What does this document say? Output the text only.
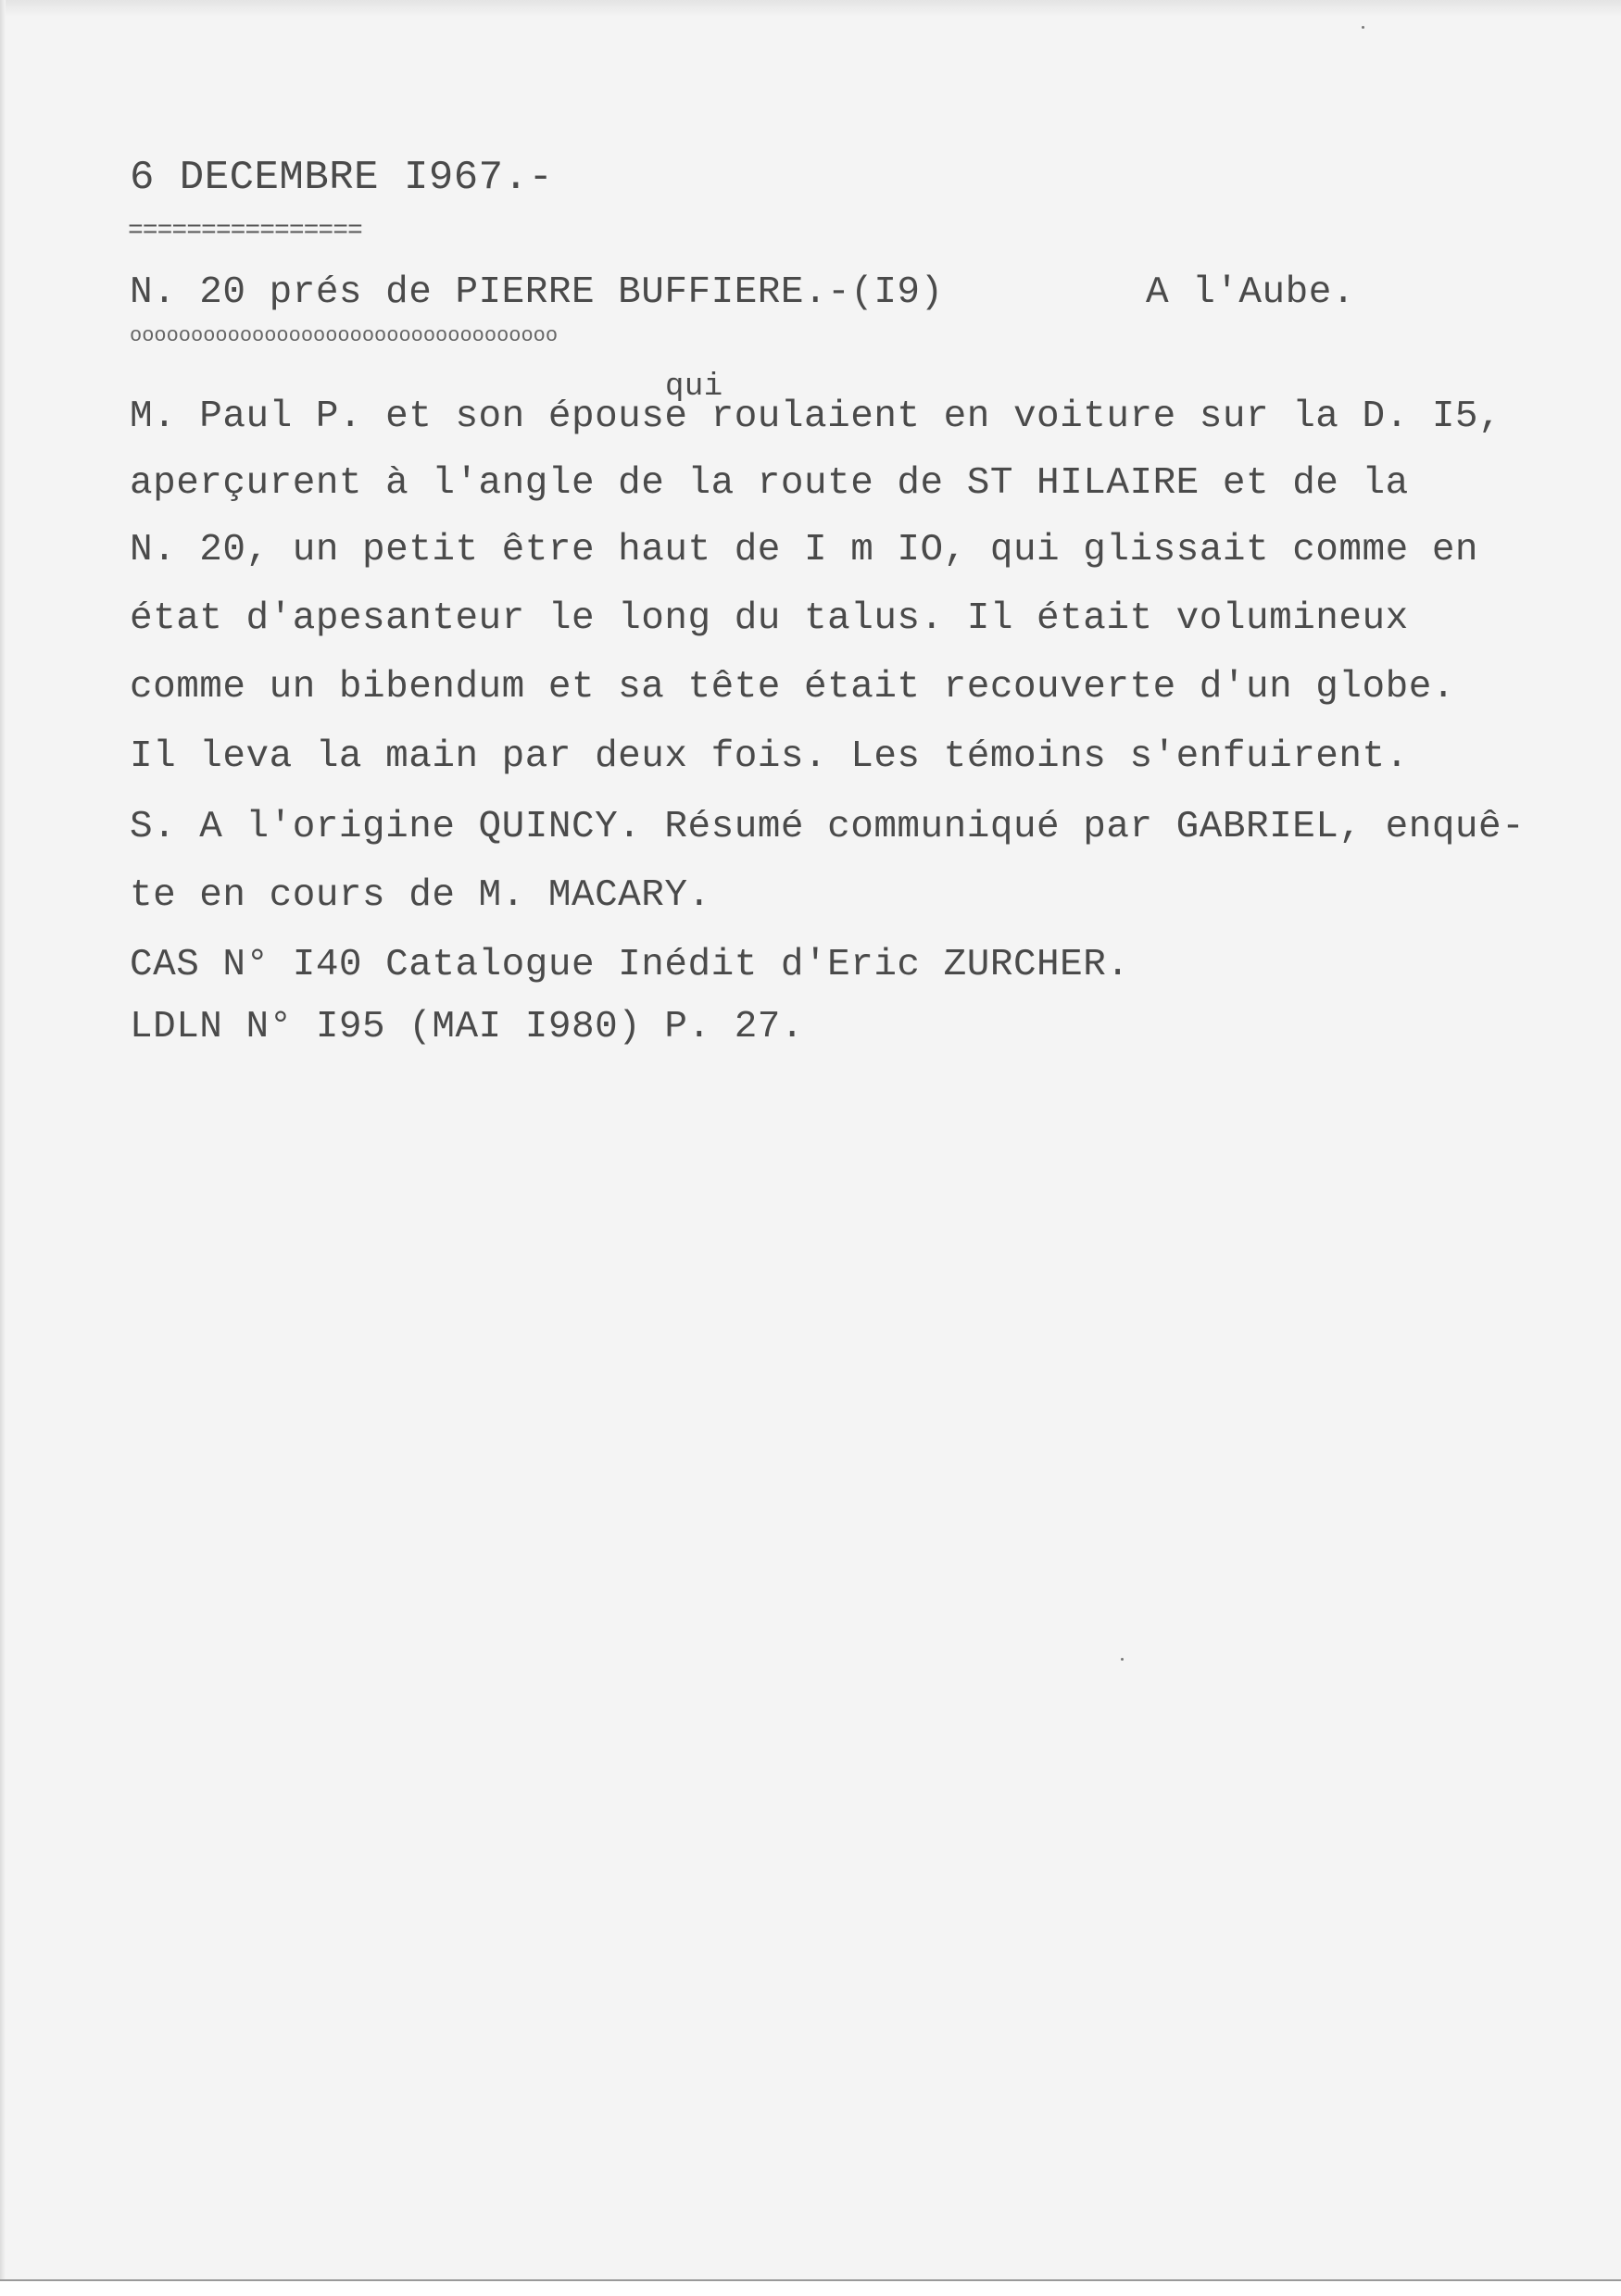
6 DECEMBRE I967.-
================
N. 20 prés de PIERRE BUFFIERE.-(I9)	A l'Aube.
ooooooooooooooooooooooooooooooooooo
qui
M. Paul P. et son épouse roulaient en voiture sur la D. I5,
aperçurent à l'angle de la route de ST HILAIRE et de la
N. 20, un petit être haut de I m IO, qui glissait comme en
état d'apesanteur le long du talus. Il était volumineux
comme un bibendum et sa tête était recouverte d'un globe.
Il leva la main par deux fois. Les témoins s'enfuirent.
S. A l'origine QUINCY. Résumé communiqué par GABRIEL, enquê-
te en cours de M. MACARY.
CAS N° I40 Catalogue Inédit d'Eric ZURCHER.
LDLN N° I95 (MAI I980) P. 27.
